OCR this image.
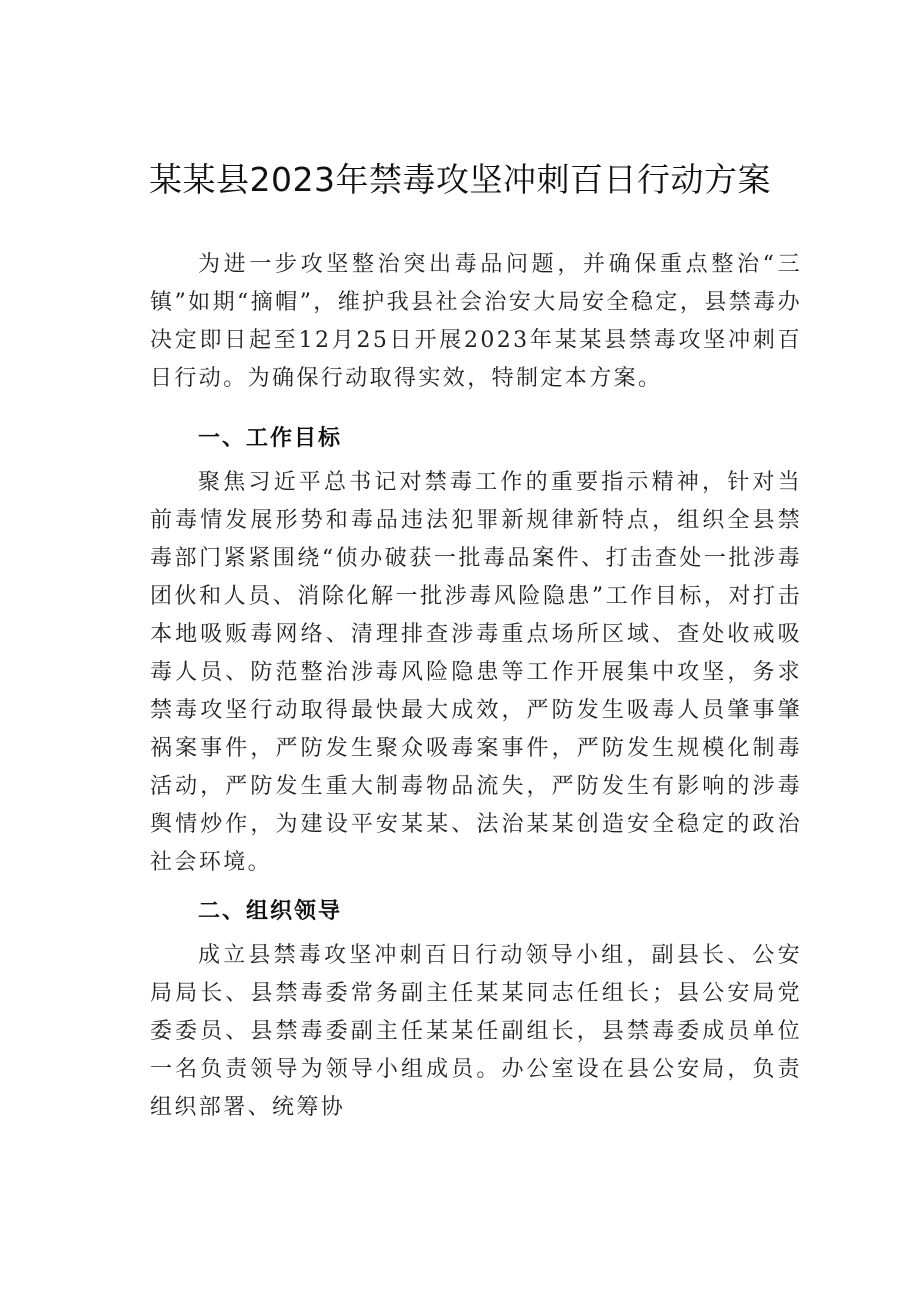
某某县2023年禁毒攻坚冲刺百日行动方案

为进一步攻坚整治突出毒品问题，并确保重点整治“三镇”如期“摘帽”，维护我县社会治安大局安全稳定，县禁毒办决定即日起至12月25日开展2023年某某县禁毒攻坚冲刺百日行动。为确保行动取得实效，特制定本方案。

一、工作目标

聚焦习近平总书记对禁毒工作的重要指示精神，针对当前毒情发展形势和毒品违法犯罪新规律新特点，组织全县禁毒部门紧紧围绕“侦办破获一批毒品案件、打击查处一批涉毒团伙和人员、消除化解一批涉毒风险隐患”工作目标，对打击本地吸贩毒网络、清理排查涉毒重点场所区域、查处收戒吸毒人员、防范整治涉毒风险隐患等工作开展集中攻坚，务求禁毒攻坚行动取得最快最大成效，严防发生吸毒人员肇事肇祸案事件，严防发生聚众吸毒案事件，严防发生规模化制毒活动，严防发生重大制毒物品流失，严防发生有影响的涉毒舆情炒作，为建设平安某某、法治某某创造安全稳定的政治社会环境。

二、组织领导

成立县禁毒攻坚冲刺百日行动领导小组，副县长、公安局局长、县禁毒委常务副主任某某同志任组长；县公安局党委委员、县禁毒委副主任某某任副组长，县禁毒委成员单位一名负责领导为领导小组成员。办公室设在县公安局，负责组织部署、统筹协
